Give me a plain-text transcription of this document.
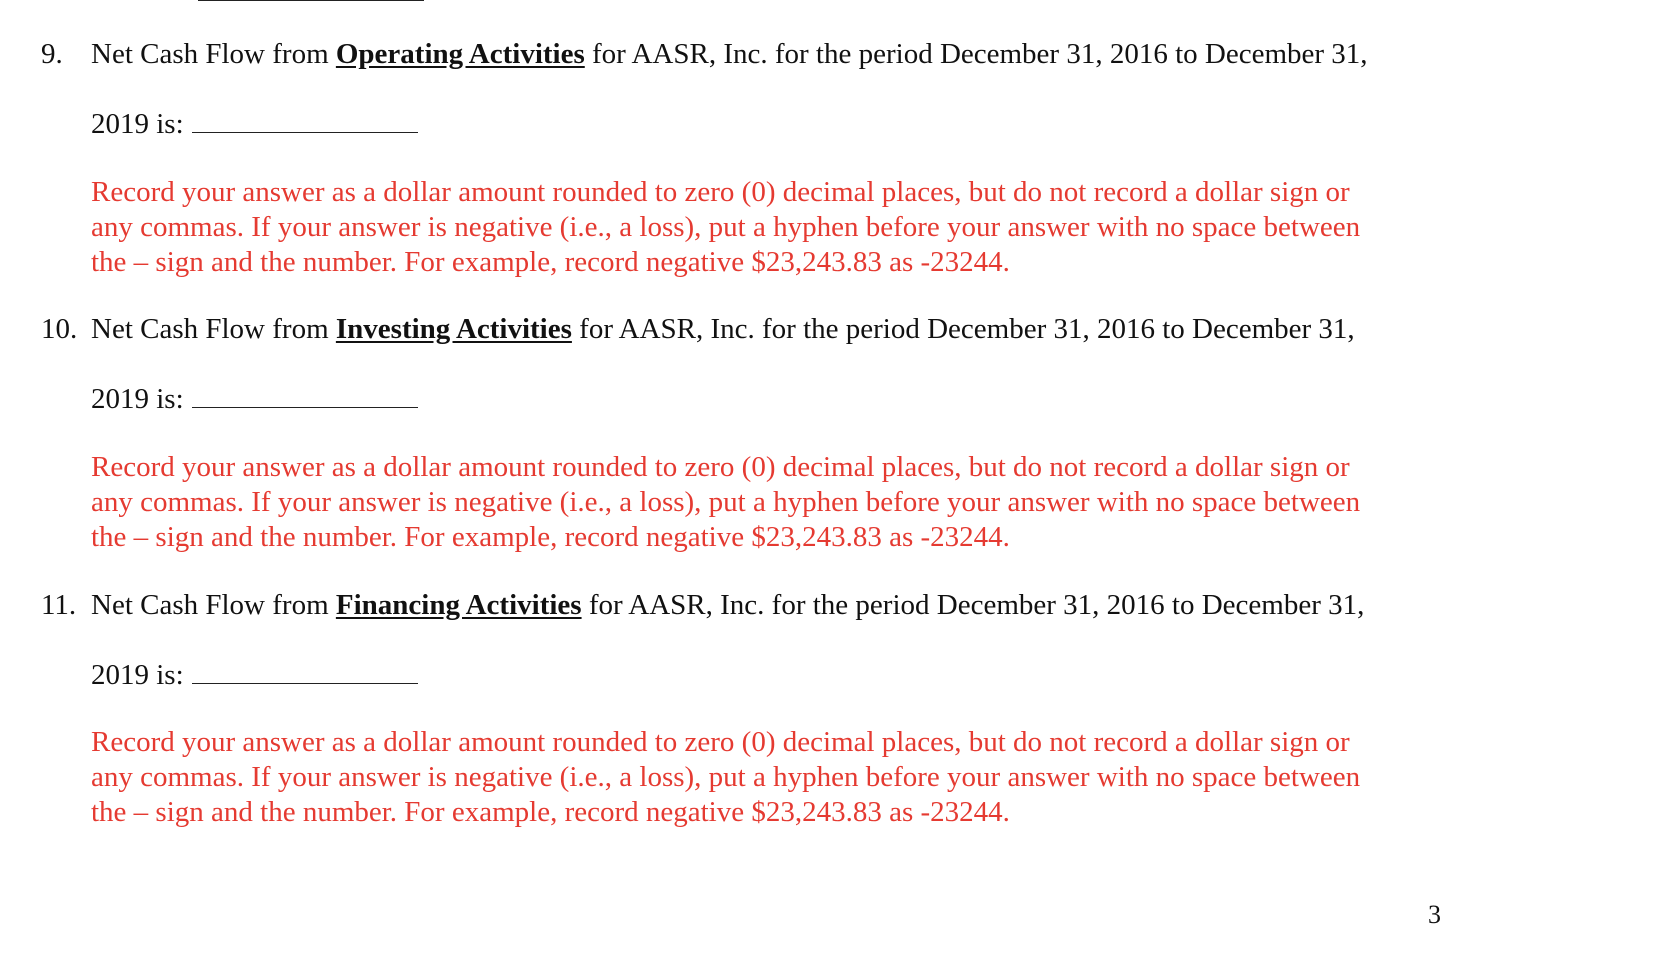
9. Net Cash Flow from Operating Activities for AASR, Inc. for the period December 31, 2016 to December 31,
2019 is:
Record your answer as a dollar amount rounded to zero (0) decimal places, but do not record a dollar sign or
any commas. If your answer is negative (i.e., a loss), put a hyphen before your answer with no space between
the – sign and the number. For example, record negative $23,243.83 as -23244.
10. Net Cash Flow from Investing Activities for AASR, Inc. for the period December 31, 2016 to December 31,
2019 is:
Record your answer as a dollar amount rounded to zero (0) decimal places, but do not record a dollar sign or
any commas. If your answer is negative (i.e., a loss), put a hyphen before your answer with no space between
the – sign and the number. For example, record negative $23,243.83 as -23244.
11. Net Cash Flow from Financing Activities for AASR, Inc. for the period December 31, 2016 to December 31,
2019 is:
Record your answer as a dollar amount rounded to zero (0) decimal places, but do not record a dollar sign or
any commas. If your answer is negative (i.e., a loss), put a hyphen before your answer with no space between
the – sign and the number. For example, record negative $23,243.83 as -23244.
3
